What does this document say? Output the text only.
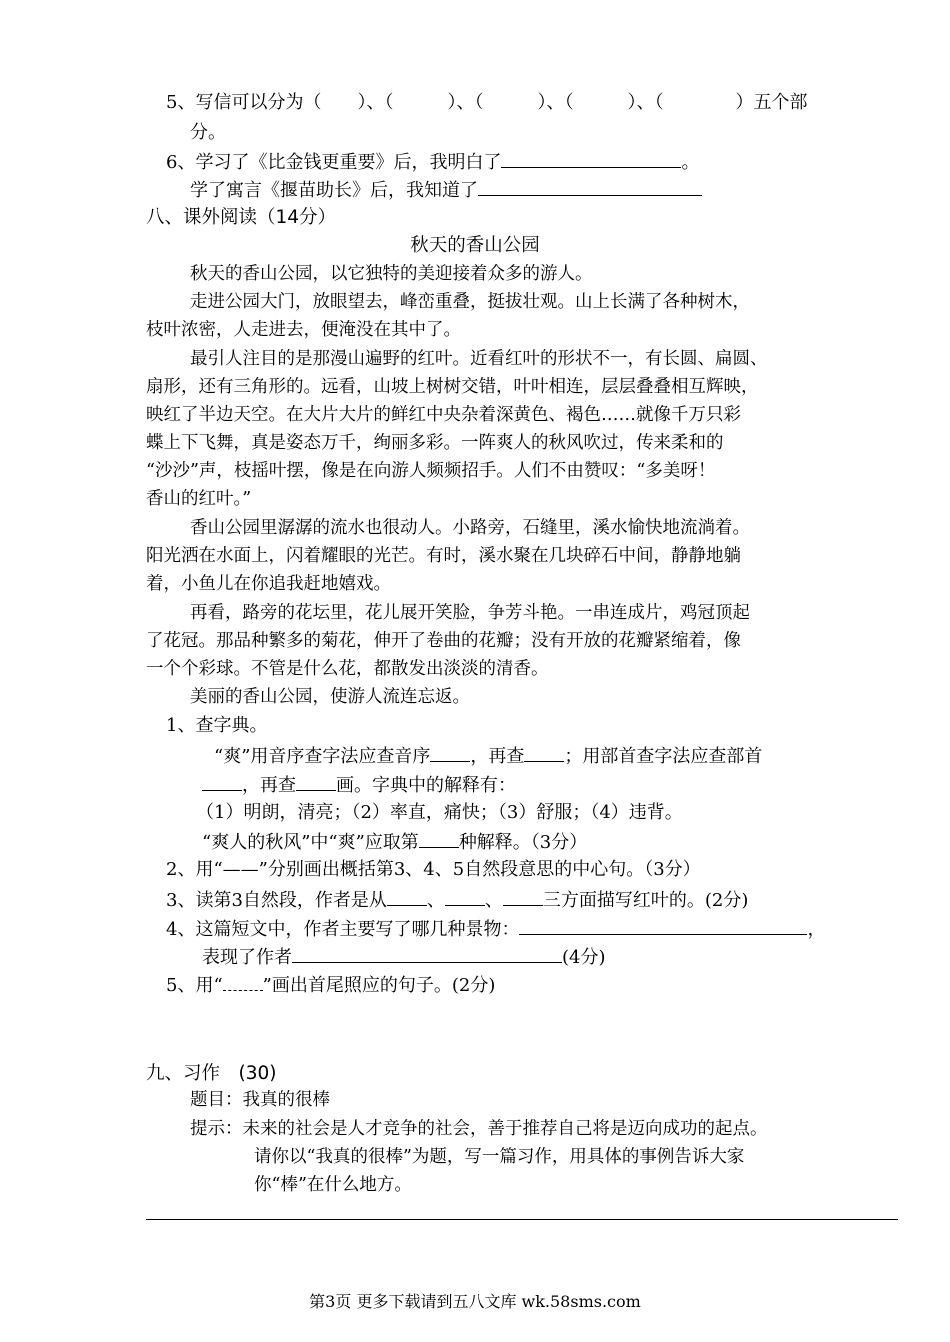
5、写信可以分为（　　）、（　　　）、（　　　）、（　　　）、（　　　　）五个部
分。
6、学习了《比金钱更重要》后，我明白了	。
学了寓言《揠苗助长》后，我知道了
八、课外阅读（14分）
秋天的香山公园
秋天的香山公园，以它独特的美迎接着众多的游人。
走进公园大门，放眼望去，峰峦重叠，挺拔壮观。山上长满了各种树木，
枝叶浓密，人走进去，便淹没在其中了。
最引人注目的是那漫山遍野的红叶。近看红叶的形状不一，有长圆、扁圆、
扇形，还有三角形的。远看，山坡上树树交错，叶叶相连，层层叠叠相互辉映，
映红了半边天空。在大片大片的鲜红中央杂着深黄色、褐色……就像千万只彩
蝶上下飞舞，真是姿态万千，绚丽多彩。一阵爽人的秋风吹过，传来柔和的
“沙沙”声，枝摇叶摆，像是在向游人频频招手。人们不由赞叹：“多美呀！
香山的红叶。”
香山公园里潺潺的流水也很动人。小路旁，石缝里，溪水愉快地流淌着。
阳光洒在水面上，闪着耀眼的光芒。有时，溪水聚在几块碎石中间，静静地躺
着，小鱼儿在你追我赶地嬉戏。
再看，路旁的花坛里，花儿展开笑脸，争芳斗艳。一串连成片，鸡冠顶起
了花冠。那品种繁多的菊花，伸开了卷曲的花瓣；没有开放的花瓣紧缩着，像
一个个彩球。不管是什么花，都散发出淡淡的清香。
美丽的香山公园，使游人流连忘返。
1、查字典。
“爽”用音序查字法应查音序 ，再查 ；用部首查字法应查部首
，再查 画。字典中的解释有：
（1）明朗，清亮；（2）率直，痛快；（3）舒服；（4）违背。
“爽人的秋风”中“爽”应取第 种解释。（3分）
2、用“——”分别画出概括第3、4、5自然段意思的中心句。（3分）
3、读第3自然段，作者是从 、 、 三方面描写红叶的。(2分)
4、这篇短文中，作者主要写了哪几种景物：	，
表现了作者	(4分)
5、用“ ”画出首尾照应的句子。(2分)
九、习作　(30)
题目：我真的很棒
提示：未来的社会是人才竞争的社会，善于推荐自己将是迈向成功的起点。
请你以“我真的很棒”为题，写一篇习作，用具体的事例告诉大家
你“棒”在什么地方。
第3页 更多下载请到五八文库 wk.58sms.com
